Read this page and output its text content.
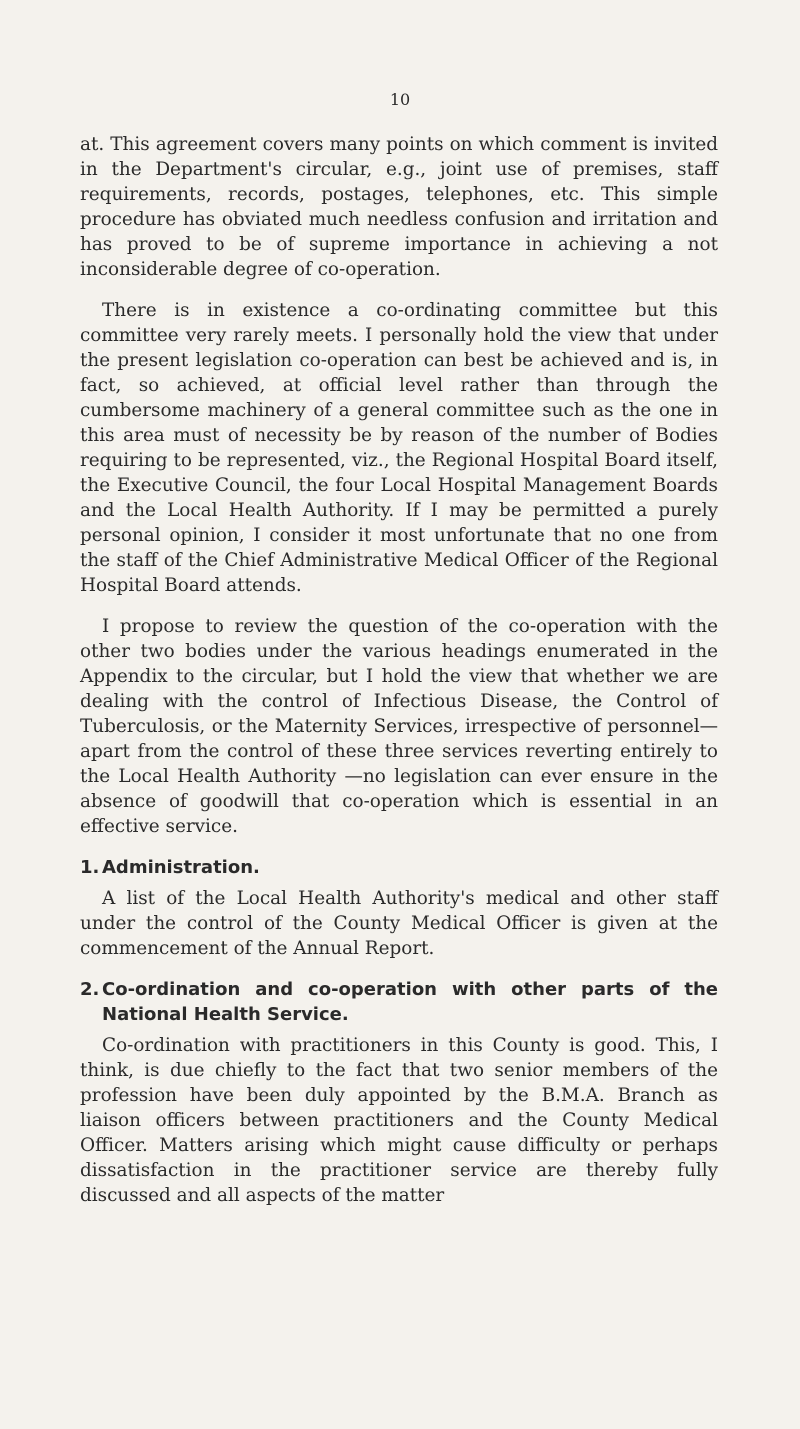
10

at. This agreement covers many points on which comment is invited in the Department's circular, e.g., joint use of premises, staff requirements, records, postages, telephones, etc. This simple procedure has obviated much needless confusion and irritation and has proved to be of supreme importance in achieving a not inconsiderable degree of co-operation.

There is in existence a co-ordinating committee but this committee very rarely meets. I personally hold the view that under the present legislation co-operation can best be achieved and is, in fact, so achieved, at official level rather than through the cumbersome machinery of a general committee such as the one in this area must of necessity be by reason of the number of Bodies requiring to be represented, viz., the Regional Hospital Board itself, the Executive Council, the four Local Hospital Management Boards and the Local Health Authority. If I may be permitted a purely personal opinion, I consider it most unfortunate that no one from the staff of the Chief Administrative Medical Officer of the Regional Hospital Board attends.

I propose to review the question of the co-operation with the other two bodies under the various headings enumerated in the Appendix to the circular, but I hold the view that whether we are dealing with the control of Infectious Disease, the Control of Tuberculosis, or the Maternity Services, irrespective of personnel—apart from the control of these three services reverting entirely to the Local Health Authority —no legislation can ever ensure in the absence of goodwill that co-operation which is essential in an effective service.

1. Administration.

A list of the Local Health Authority's medical and other staff under the control of the County Medical Officer is given at the commencement of the Annual Report.

2. Co-ordination and co-operation with other parts of the National Health Service.

Co-ordination with practitioners in this County is good. This, I think, is due chiefly to the fact that two senior members of the profession have been duly appointed by the B.M.A. Branch as liaison officers between practitioners and the County Medical Officer. Matters arising which might cause difficulty or perhaps dissatisfaction in the practitioner service are thereby fully discussed and all aspects of the matter
